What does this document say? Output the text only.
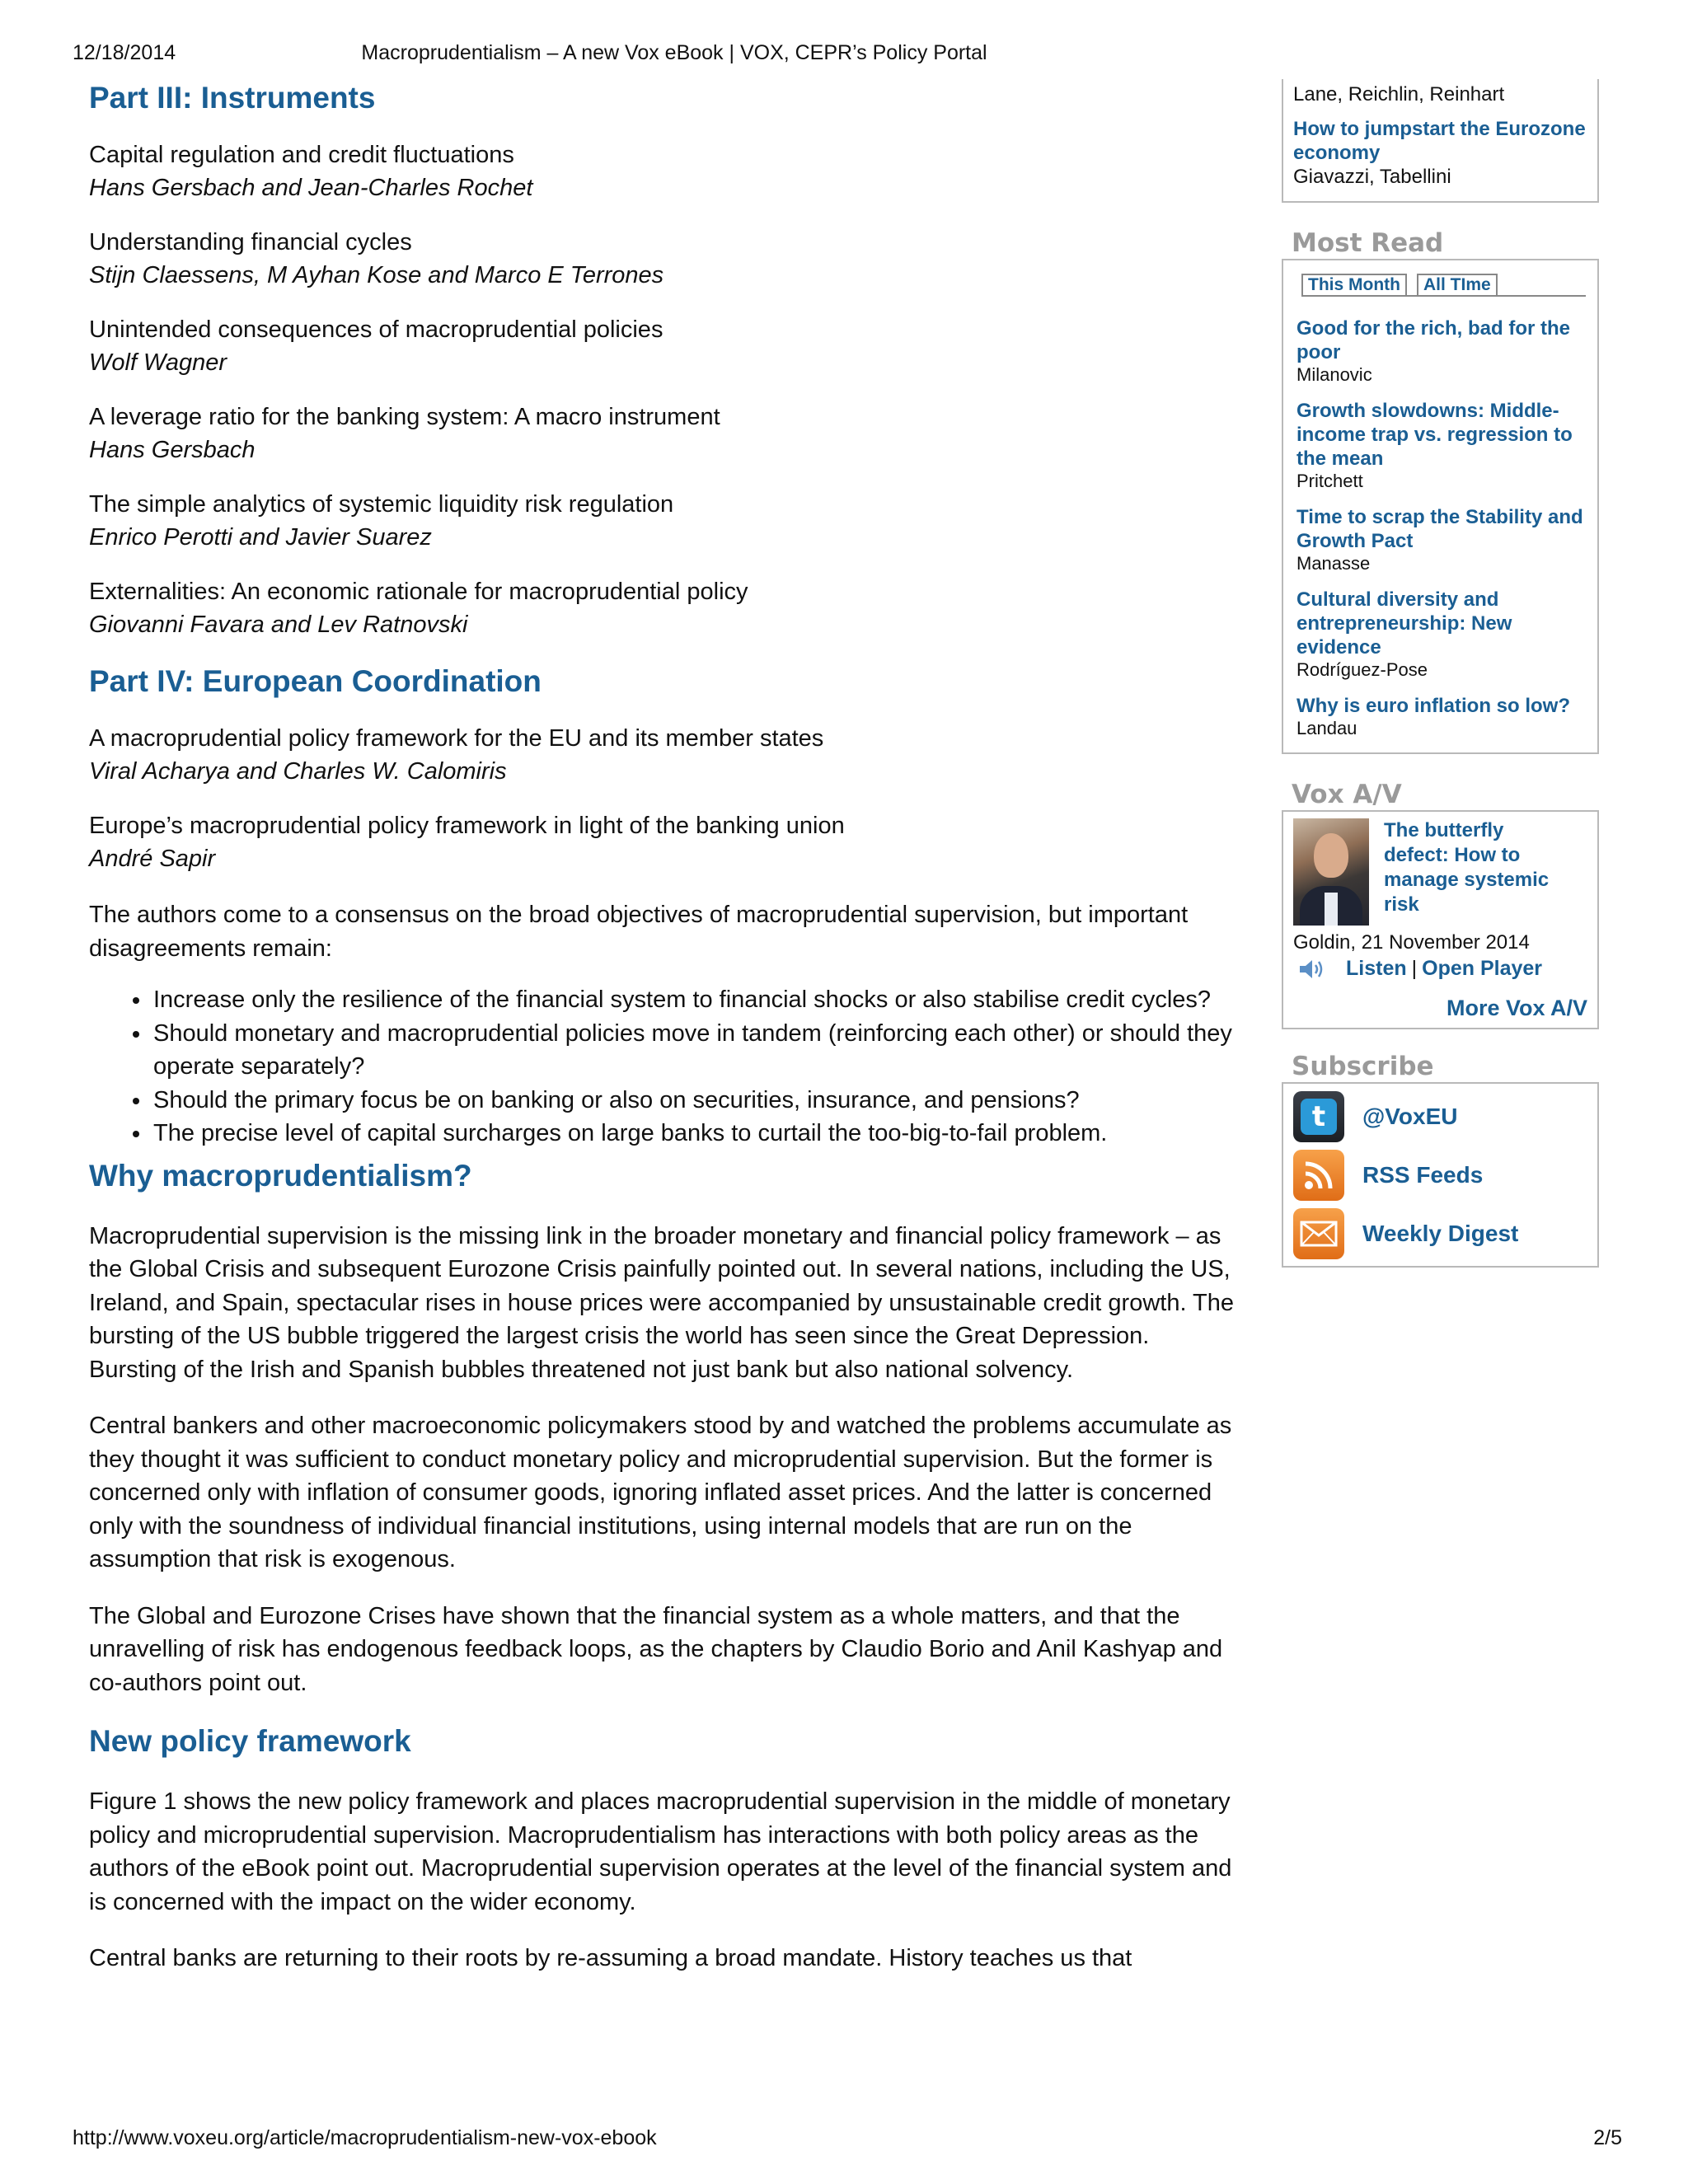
12/18/2014	Macroprudentialism – A new Vox eBook | VOX, CEPR’s Policy Portal
Part III: Instruments
Capital regulation and credit fluctuations
Hans Gersbach and Jean-Charles Rochet
Understanding financial cycles
Stijn Claessens, M Ayhan Kose and Marco E Terrones
Unintended consequences of macroprudential policies
Wolf Wagner
A leverage ratio for the banking system: A macro instrument
Hans Gersbach
The simple analytics of systemic liquidity risk regulation
Enrico Perotti and Javier Suarez
Externalities: An economic rationale for macroprudential policy
Giovanni Favara and Lev Ratnovski
Part IV: European Coordination
A macroprudential policy framework for the EU and its member states
Viral Acharya and Charles W. Calomiris
Europe’s macroprudential policy framework in light of the banking union
André Sapir

The authors come to a consensus on the broad objectives of macroprudential supervision, but important disagreements remain:

• Increase only the resilience of the financial system to financial shocks or also stabilise credit cycles?
• Should monetary and macroprudential policies move in tandem (reinforcing each other) or should they operate separately?
• Should the primary focus be on banking or also on securities, insurance, and pensions?
• The precise level of capital surcharges on large banks to curtail the too-big-to-fail problem.
Why macroprudentialism?

Macroprudential supervision is the missing link in the broader monetary and financial policy framework – as the Global Crisis and subsequent Eurozone Crisis painfully pointed out. In several nations, including the US, Ireland, and Spain, spectacular rises in house prices were accompanied by unsustainable credit growth. The bursting of the US bubble triggered the largest crisis the world has seen since the Great Depression. Bursting of the Irish and Spanish bubbles threatened not just bank but also national solvency.

Central bankers and other macroeconomic policymakers stood by and watched the problems accumulate as they thought it was sufficient to conduct monetary policy and microprudential supervision. But the former is concerned only with inflation of consumer goods, ignoring inflated asset prices. And the latter is concerned only with the soundness of individual financial institutions, using internal models that are run on the assumption that risk is exogenous.

The Global and Eurozone Crises have shown that the financial system as a whole matters, and that the unravelling of risk has endogenous feedback loops, as the chapters by Claudio Borio and Anil Kashyap and co-authors point out.

New policy framework

Figure 1 shows the new policy framework and places macroprudential supervision in the middle of monetary policy and microprudential supervision. Macroprudentialism has interactions with both policy areas as the authors of the eBook point out. Macroprudential supervision operates at the level of the financial system and is concerned with the impact on the wider economy.

Central banks are returning to their roots by re-assuming a broad mandate. History teaches us that

Lane, Reichlin, Reinhart
How to jumpstart the Eurozone economy
Giavazzi, Tabellini
Most Read
This Month	All TIme
Good for the rich, bad for the poor
Milanovic
Growth slowdowns: Middle-income trap vs. regression to the mean
Pritchett
Time to scrap the Stability and Growth Pact
Manasse
Cultural diversity and entrepreneurship: New evidence
Rodríguez-Pose
Why is euro inflation so low?
Landau
Vox A/V
The butterfly defect: How to manage systemic risk
Goldin, 21 November 2014
Listen | Open Player
More Vox A/V
Subscribe
t	@VoxEU
RSS Feeds
Weekly Digest
http://www.voxeu.org/article/macroprudentialism-new-vox-ebook	2/5
